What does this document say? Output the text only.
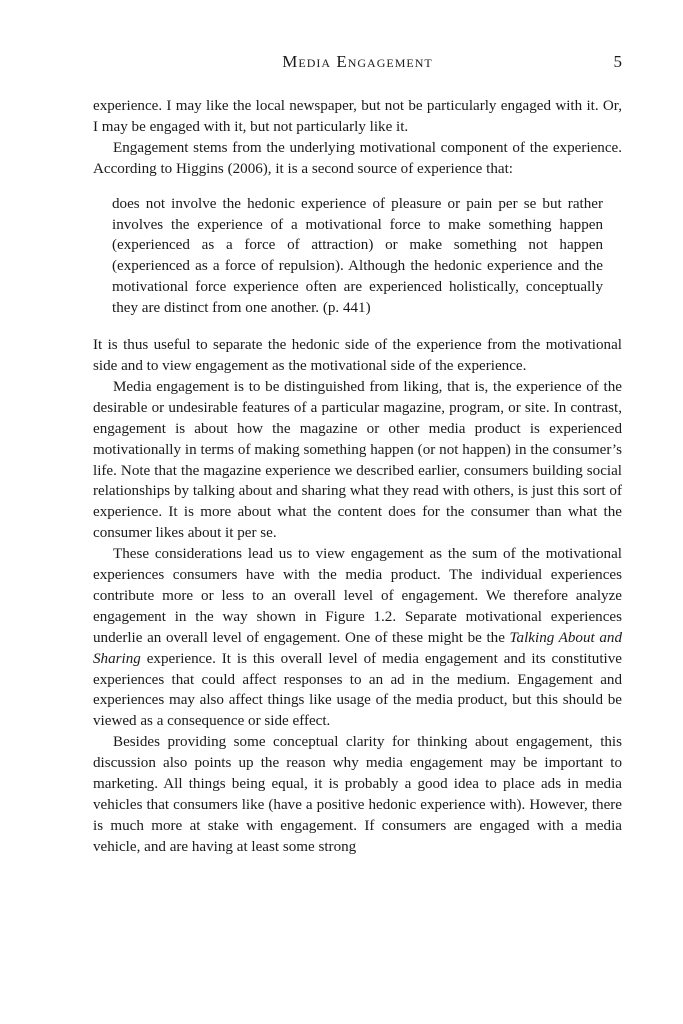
Media Engagement	5

experience. I may like the local newspaper, but not be particularly engaged with it. Or, I may be engaged with it, but not particularly like it.

Engagement stems from the underlying motivational component of the experience. According to Higgins (2006), it is a second source of experience that:

does not involve the hedonic experience of pleasure or pain per se but rather involves the experience of a motivational force to make something happen (experienced as a force of attraction) or make something not happen (experienced as a force of repulsion). Although the hedonic experience and the motivational force experience often are experienced holistically, conceptually they are distinct from one another. (p. 441)

It is thus useful to separate the hedonic side of the experience from the motivational side and to view engagement as the motivational side of the experience.

Media engagement is to be distinguished from liking, that is, the experience of the desirable or undesirable features of a particular magazine, program, or site. In contrast, engagement is about how the magazine or other media product is experienced motivationally in terms of making something happen (or not happen) in the consumer’s life. Note that the magazine experience we described earlier, consumers building social relationships by talking about and sharing what they read with others, is just this sort of experience. It is more about what the content does for the consumer than what the consumer likes about it per se.

These considerations lead us to view engagement as the sum of the motivational experiences consumers have with the media product. The individual experiences contribute more or less to an overall level of engagement. We therefore analyze engagement in the way shown in Figure 1.2. Separate motivational experiences underlie an overall level of engagement. One of these might be the Talking About and Sharing experience. It is this overall level of media engagement and its constitutive experiences that could affect responses to an ad in the medium. Engagement and experiences may also affect things like usage of the media product, but this should be viewed as a consequence or side effect.

Besides providing some conceptual clarity for thinking about engagement, this discussion also points up the reason why media engagement may be important to marketing. All things being equal, it is probably a good idea to place ads in media vehicles that consumers like (have a positive hedonic experience with). However, there is much more at stake with engagement. If consumers are engaged with a media vehicle, and are having at least some strong
